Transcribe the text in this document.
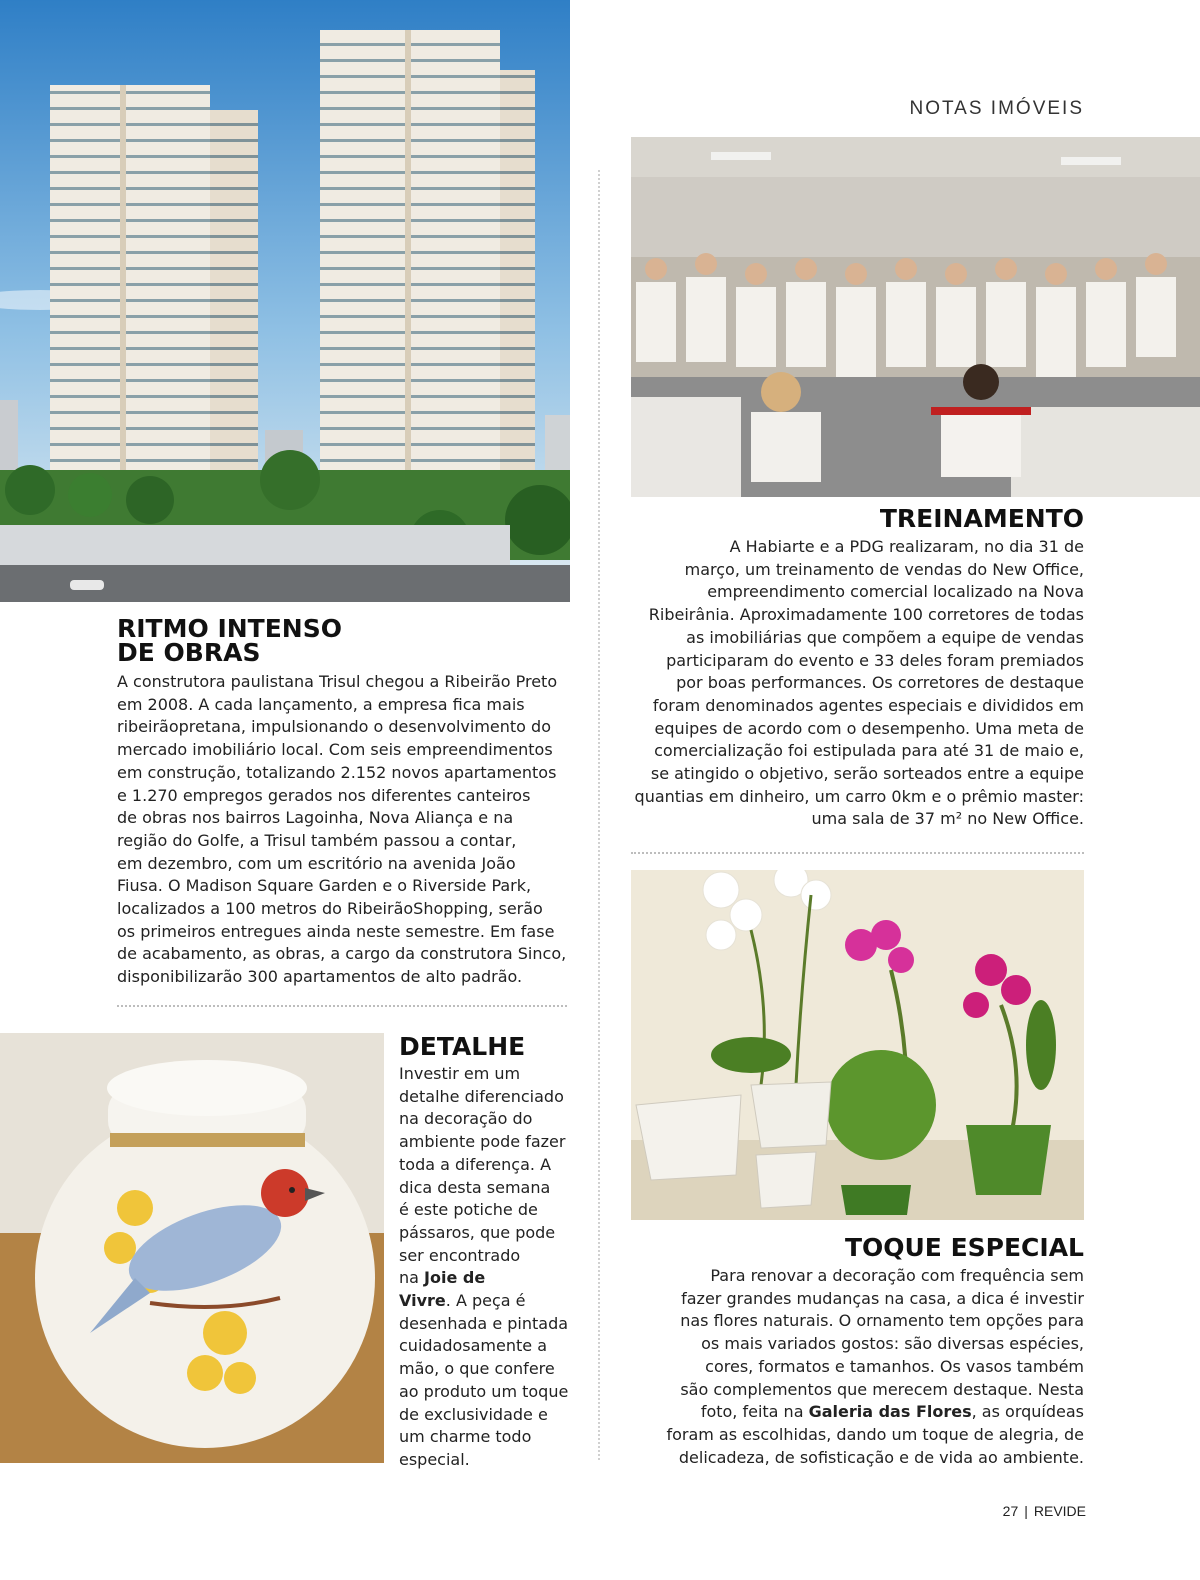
NOTAS IMÓVEIS
RITMO INTENSO
DE OBRAS

A construtora paulistana Trisul chegou a Ribeirão Preto
em 2008. A cada lançamento, a empresa fica mais
ribeirãopretana, impulsionando o desenvolvimento do
mercado imobiliário local. Com seis empreendimentos
em construção, totalizando 2.152 novos apartamentos
e 1.270 empregos gerados nos diferentes canteiros
de obras nos bairros Lagoinha, Nova Aliança e na
região do Golfe, a Trisul também passou a contar,
em dezembro, com um escritório na avenida João
Fiusa. O Madison Square Garden e o Riverside Park,
localizados a 100 metros do RibeirãoShopping, serão
os primeiros entregues ainda neste semestre. Em fase
de acabamento, as obras, a cargo da construtora Sinco,
disponibilizarão 300 apartamentos de alto padrão.

TREINAMENTO

A Habiarte e a PDG realizaram, no dia 31 de
março, um treinamento de vendas do New Office,
empreendimento comercial localizado na Nova
Ribeirânia. Aproximadamente 100 corretores de todas
as imobiliárias que compõem a equipe de vendas
participaram do evento e 33 deles foram premiados
por boas performances. Os corretores de destaque
foram denominados agentes especiais e divididos em
equipes de acordo com o desempenho. Uma meta de
comercialização foi estipulada para até 31 de maio e,
se atingido o objetivo, serão sorteados entre a equipe
quantias em dinheiro, um carro 0km e o prêmio master:
uma sala de 37 m² no New Office.

DETALHE

Investir em um
detalhe diferenciado
na decoração do
ambiente pode fazer
toda a diferença. A
dica desta semana
é este potiche de
pássaros, que pode
ser encontrado
na Joie de
Vivre. A peça é
desenhada e pintada
cuidadosamente a
mão, o que confere
ao produto um toque
de exclusividade e
um charme todo
especial.

TOQUE ESPECIAL

Para renovar a decoração com frequência sem
fazer grandes mudanças na casa, a dica é investir
nas flores naturais. O ornamento tem opções para
os mais variados gostos: são diversas espécies,
cores, formatos e tamanhos. Os vasos também
são complementos que merecem destaque. Nesta
foto, feita na Galeria das Flores, as orquídeas
foram as escolhidas, dando um toque de alegria, de
delicadeza, de sofisticação e de vida ao ambiente.

27 | REVIDE
